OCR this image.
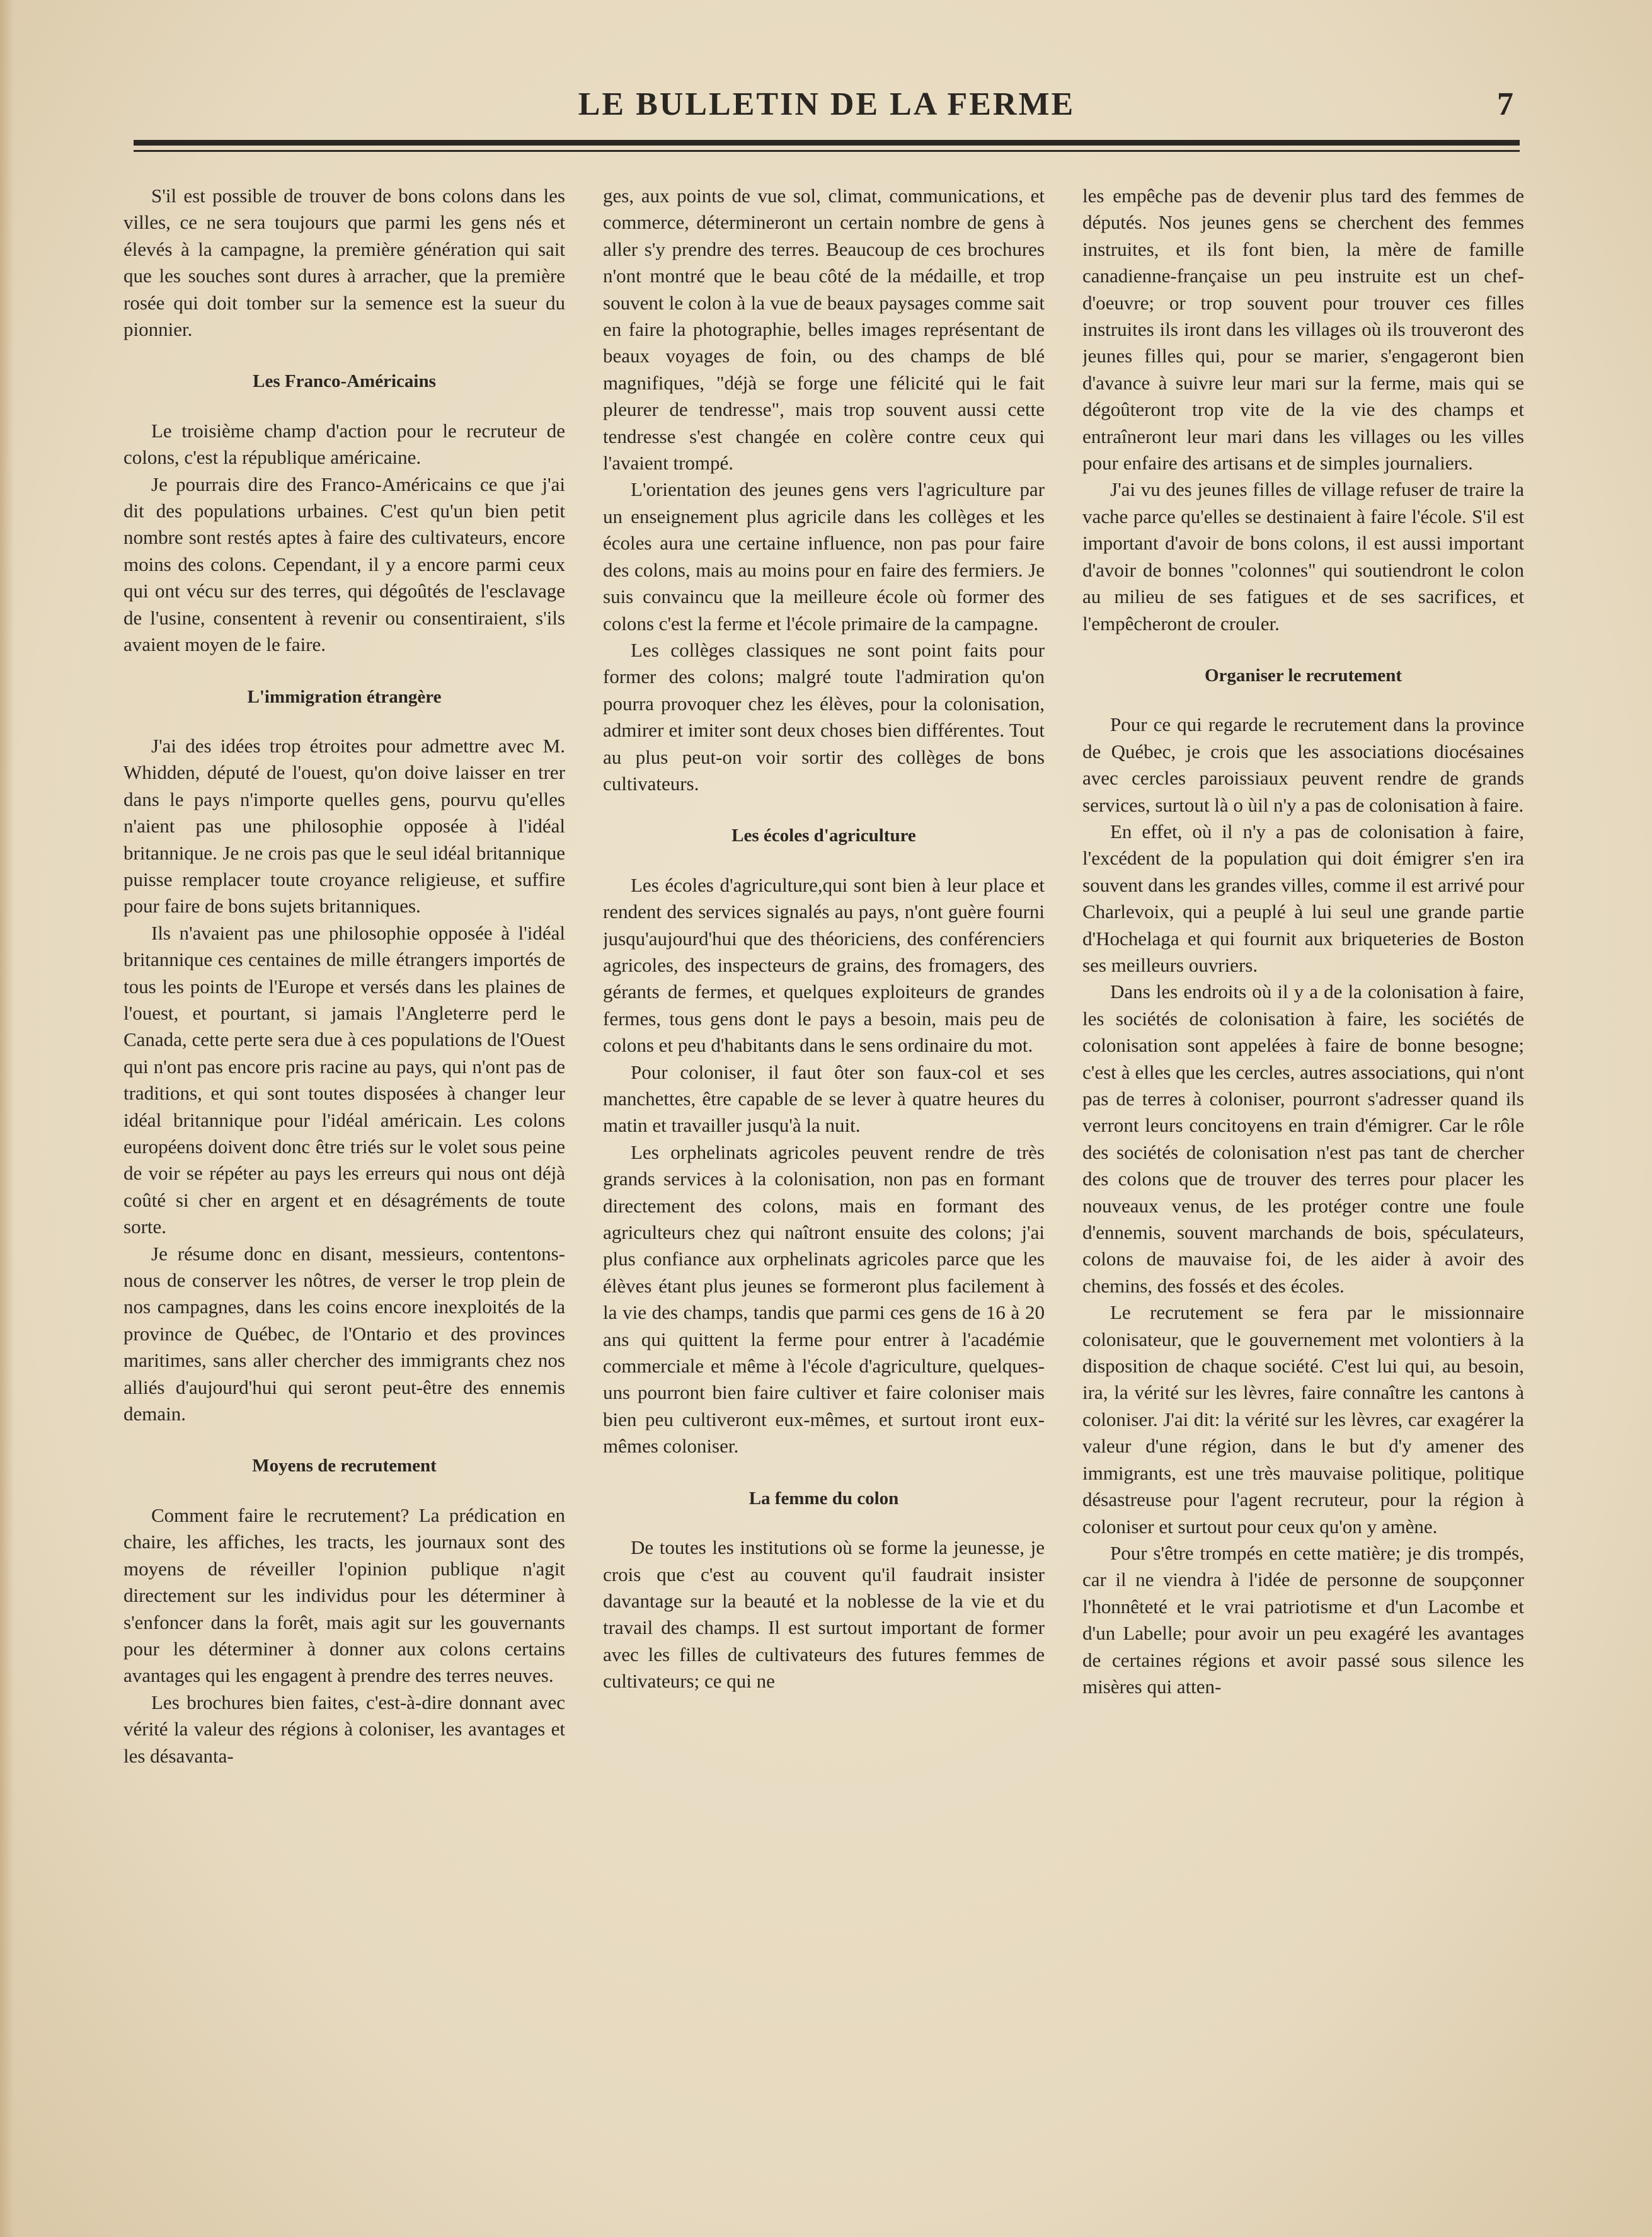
LE BULLETIN DE LA FERME	7

S'il est possible de trouver de bons colons dans les villes, ce ne sera toujours que parmi les gens nés et élevés à la campagne, la première génération qui sait que les souches sont dures à arracher, que la première rosée qui doit tomber sur la semence est la sueur du pionnier.

Les Franco-Américains

Le troisième champ d'action pour le recruteur de colons, c'est la république américaine.

Je pourrais dire des Franco-Américains ce que j'ai dit des populations urbaines. C'est qu'un bien petit nombre sont restés aptes à faire des cultivateurs, encore moins des colons. Cependant, il y a encore parmi ceux qui ont vécu sur des terres, qui dégoûtés de l'esclavage de l'usine, consentent à revenir ou consentiraient, s'ils avaient moyen de le faire.

L'immigration étrangère

J'ai des idées trop étroites pour admettre avec M. Whidden, député de l'ouest, qu'on doive laisser en trer dans le pays n'importe quelles gens, pourvu qu'elles n'aient pas une philosophie opposée à l'idéal britannique. Je ne crois pas que le seul idéal britannique puisse remplacer toute croyance religieuse, et suffire pour faire de bons sujets britanniques.

Ils n'avaient pas une philosophie opposée à l'idéal britannique ces centaines de mille étrangers importés de tous les points de l'Europe et versés dans les plaines de l'ouest, et pourtant, si jamais l'Angleterre perd le Canada, cette perte sera due à ces populations de l'Ouest qui n'ont pas encore pris racine au pays, qui n'ont pas de traditions, et qui sont toutes disposées à changer leur idéal britannique pour l'idéal américain. Les colons européens doivent donc être triés sur le volet sous peine de voir se répéter au pays les erreurs qui nous ont déjà coûté si cher en argent et en désagréments de toute sorte.

Je résume donc en disant, messieurs, contentons-nous de conserver les nôtres, de verser le trop plein de nos campagnes, dans les coins encore inexploités de la province de Québec, de l'Ontario et des provinces maritimes, sans aller chercher des immigrants chez nos alliés d'aujourd'hui qui seront peut-être des ennemis demain.

Moyens de recrutement

Comment faire le recrutement? La prédication en chaire, les affiches, les tracts, les journaux sont des moyens de réveiller l'opinion publique n'agit directement sur les individus pour les déterminer à s'enfoncer dans la forêt, mais agit sur les gouvernants pour les déterminer à donner aux colons certains avantages qui les engagent à prendre des terres neuves.

Les brochures bien faites, c'est-à-dire donnant avec vérité la valeur des régions à coloniser, les avantages et les désavanta-

ges, aux points de vue sol, climat, communications, et commerce, détermineront un certain nombre de gens à aller s'y prendre des terres. Beaucoup de ces brochures n'ont montré que le beau côté de la médaille, et trop souvent le colon à la vue de beaux paysages comme sait en faire la photographie, belles images représentant de beaux voyages de foin, ou des champs de blé magnifiques, "déjà se forge une félicité qui le fait pleurer de tendresse", mais trop souvent aussi cette tendresse s'est changée en colère contre ceux qui l'avaient trompé.

L'orientation des jeunes gens vers l'agriculture par un enseignement plus agricile dans les collèges et les écoles aura une certaine influence, non pas pour faire des colons, mais au moins pour en faire des fermiers. Je suis convaincu que la meilleure école où former des colons c'est la ferme et l'école primaire de la campagne.

Les collèges classiques ne sont point faits pour former des colons; malgré toute l'admiration qu'on pourra provoquer chez les élèves, pour la colonisation, admirer et imiter sont deux choses bien différentes. Tout au plus peut-on voir sortir des collèges de bons cultivateurs.

Les écoles d'agriculture

Les écoles d'agriculture,qui sont bien à leur place et rendent des services signalés au pays, n'ont guère fourni jusqu'aujourd'hui que des théoriciens, des conférenciers agricoles, des inspecteurs de grains, des fromagers, des gérants de fermes, et quelques exploiteurs de grandes fermes, tous gens dont le pays a besoin, mais peu de colons et peu d'habitants dans le sens ordinaire du mot.

Pour coloniser, il faut ôter son faux-col et ses manchettes, être capable de se lever à quatre heures du matin et travailler jusqu'à la nuit.

Les orphelinats agricoles peuvent rendre de très grands services à la colonisation, non pas en formant directement des colons, mais en formant des agriculteurs chez qui naîtront ensuite des colons; j'ai plus confiance aux orphelinats agricoles parce que les élèves étant plus jeunes se formeront plus facilement à la vie des champs, tandis que parmi ces gens de 16 à 20 ans qui quittent la ferme pour entrer à l'académie commerciale et même à l'école d'agriculture, quelques-uns pourront bien faire cultiver et faire coloniser mais bien peu cultiveront eux-mêmes, et surtout iront eux-mêmes coloniser.

La femme du colon

De toutes les institutions où se forme la jeunesse, je crois que c'est au couvent qu'il faudrait insister davantage sur la beauté et la noblesse de la vie et du travail des champs. Il est surtout important de former avec les filles de cultivateurs des futures femmes de cultivateurs; ce qui ne

les empêche pas de devenir plus tard des femmes de députés. Nos jeunes gens se cherchent des femmes instruites, et ils font bien, la mère de famille canadienne-française un peu instruite est un chef-d'oeuvre; or trop souvent pour trouver ces filles instruites ils iront dans les villages où ils trouveront des jeunes filles qui, pour se marier, s'engageront bien d'avance à suivre leur mari sur la ferme, mais qui se dégoûteront trop vite de la vie des champs et entraîneront leur mari dans les villages ou les villes pour enfaire des artisans et de simples journaliers.

J'ai vu des jeunes filles de village refuser de traire la vache parce qu'elles se destinaient à faire l'école. S'il est important d'avoir de bons colons, il est aussi important d'avoir de bonnes "colonnes" qui soutiendront le colon au milieu de ses fatigues et de ses sacrifices, et l'empêcheront de crouler.

Organiser le recrutement

Pour ce qui regarde le recrutement dans la province de Québec, je crois que les associations diocésaines avec cercles paroissiaux peuvent rendre de grands services, surtout là o ùil n'y a pas de colonisation à faire.

En effet, où il n'y a pas de colonisation à faire, l'excédent de la population qui doit émigrer s'en ira souvent dans les grandes villes, comme il est arrivé pour Charlevoix, qui a peuplé à lui seul une grande partie d'Hochelaga et qui fournit aux briqueteries de Boston ses meilleurs ouvriers.

Dans les endroits où il y a de la colonisation à faire, les sociétés de colonisation à faire, les sociétés de colonisation sont appelées à faire de bonne besogne; c'est à elles que les cercles, autres associations, qui n'ont pas de terres à coloniser, pourront s'adresser quand ils verront leurs concitoyens en train d'émigrer. Car le rôle des sociétés de colonisation n'est pas tant de chercher des colons que de trouver des terres pour placer les nouveaux venus, de les protéger contre une foule d'ennemis, souvent marchands de bois, spéculateurs, colons de mauvaise foi, de les aider à avoir des chemins, des fossés et des écoles.

Le recrutement se fera par le missionnaire colonisateur, que le gouvernement met volontiers à la disposition de chaque société. C'est lui qui, au besoin, ira, la vérité sur les lèvres, faire connaître les cantons à coloniser. J'ai dit: la vérité sur les lèvres, car exagérer la valeur d'une région, dans le but d'y amener des immigrants, est une très mauvaise politique, politique désastreuse pour l'agent recruteur, pour la région à coloniser et surtout pour ceux qu'on y amène.

Pour s'être trompés en cette matière; je dis trompés, car il ne viendra à l'idée de personne de soupçonner l'honnêteté et le vrai patriotisme et d'un Lacombe et d'un Labelle; pour avoir un peu exagéré les avantages de certaines régions et avoir passé sous silence les misères qui atten-
